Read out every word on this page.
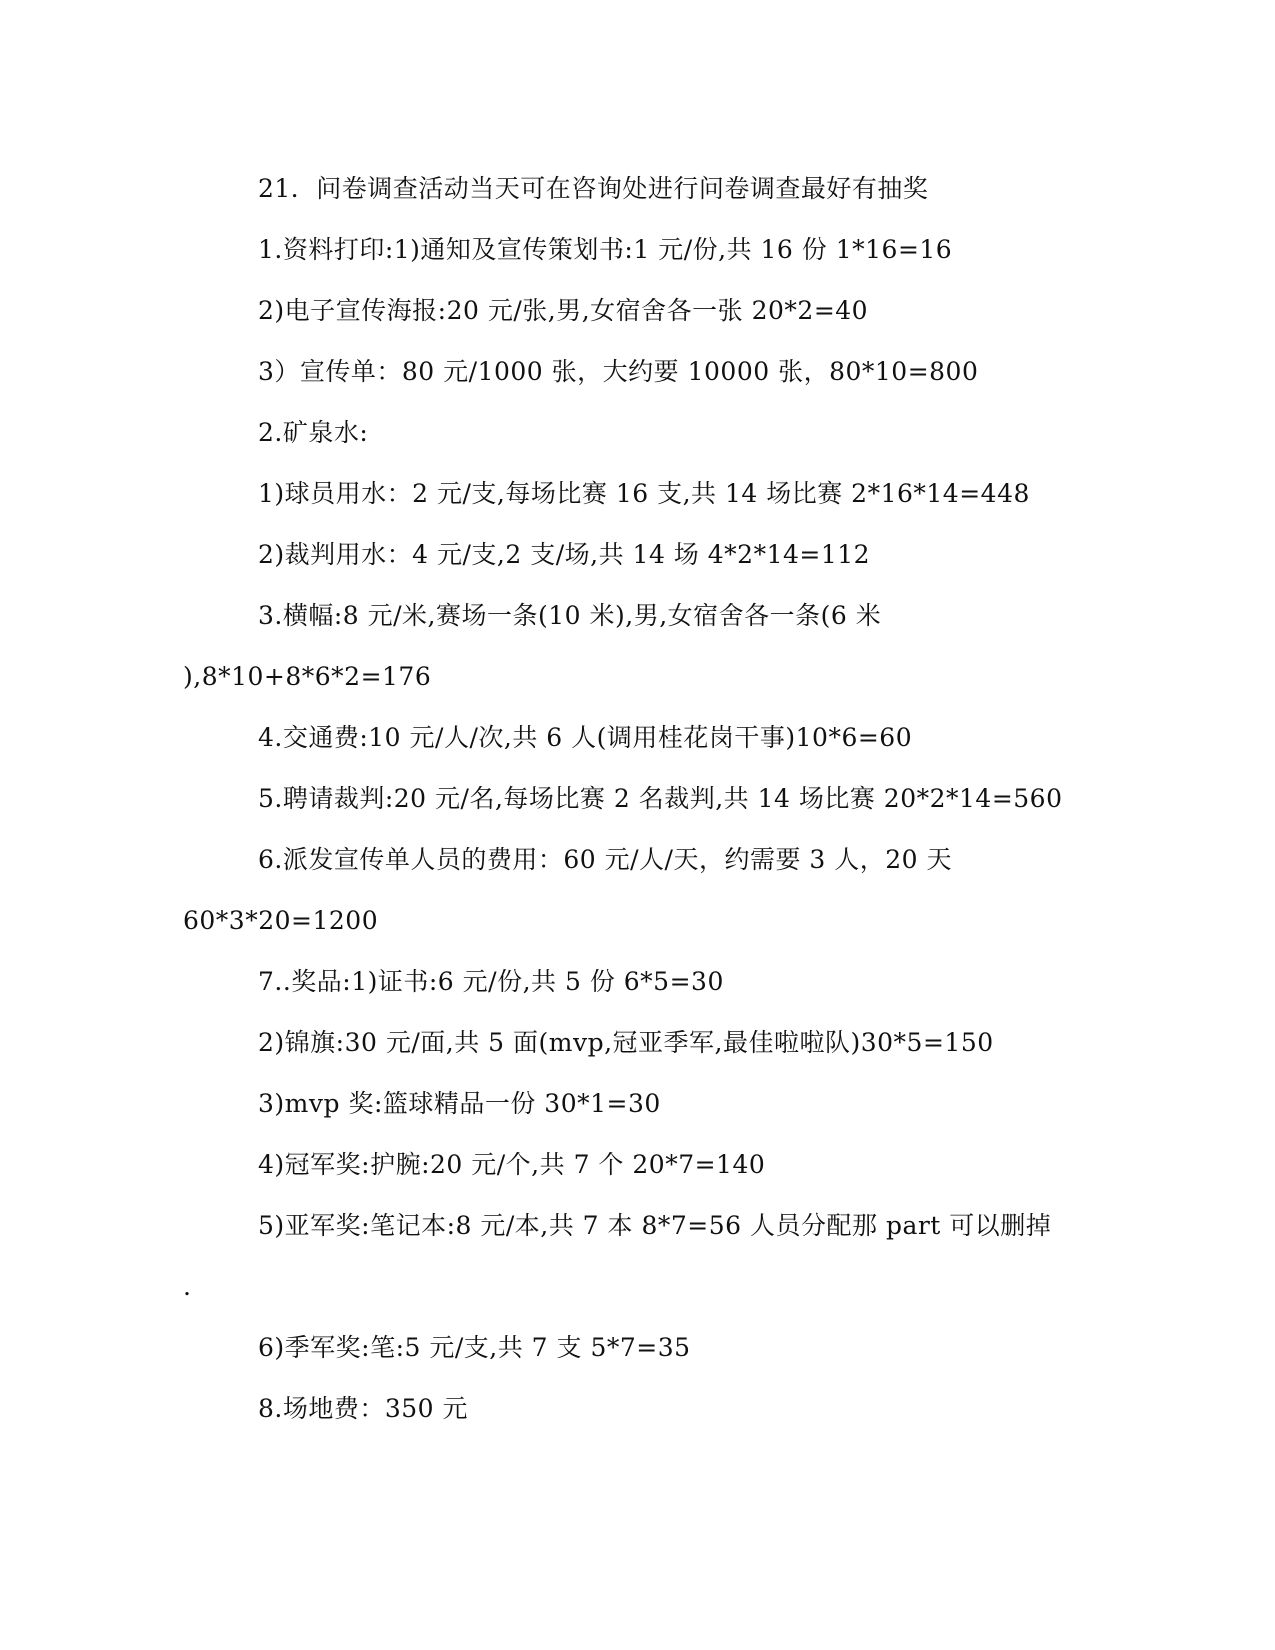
21．问卷调查活动当天可在咨询处进行问卷调查最好有抽奖
1.资料打印:1)通知及宣传策划书:1 元/份,共 16 份 1*16=16
2)电子宣传海报:20 元/张,男,女宿舍各一张 20*2=40
3）宣传单：80 元/1000 张，大约要 10000 张，80*10=800
2.矿泉水:
1)球员用水：2 元/支,每场比赛 16 支,共 14 场比赛 2*16*14=448
2)裁判用水：4 元/支,2 支/场,共 14 场 4*2*14=112
3.横幅:8 元/米,赛场一条(10 米),男,女宿舍各一条(6 米
),8*10+8*6*2=176
4.交通费:10 元/人/次,共 6 人(调用桂花岗干事)10*6=60
5.聘请裁判:20 元/名,每场比赛 2 名裁判,共 14 场比赛 20*2*14=560
6.派发宣传单人员的费用：60 元/人/天，约需要 3 人，20 天
60*3*20=1200
7..奖品:1)证书:6 元/份,共 5 份 6*5=30
2)锦旗:30 元/面,共 5 面(mvp,冠亚季军,最佳啦啦队)30*5=150
3)mvp 奖:篮球精品一份 30*1=30
4)冠军奖:护腕:20 元/个,共 7 个 20*7=140
5)亚军奖:笔记本:8 元/本,共 7 本 8*7=56 人员分配那 part 可以删掉
.
6)季军奖:笔:5 元/支,共 7 支 5*7=35
8.场地费：350 元
